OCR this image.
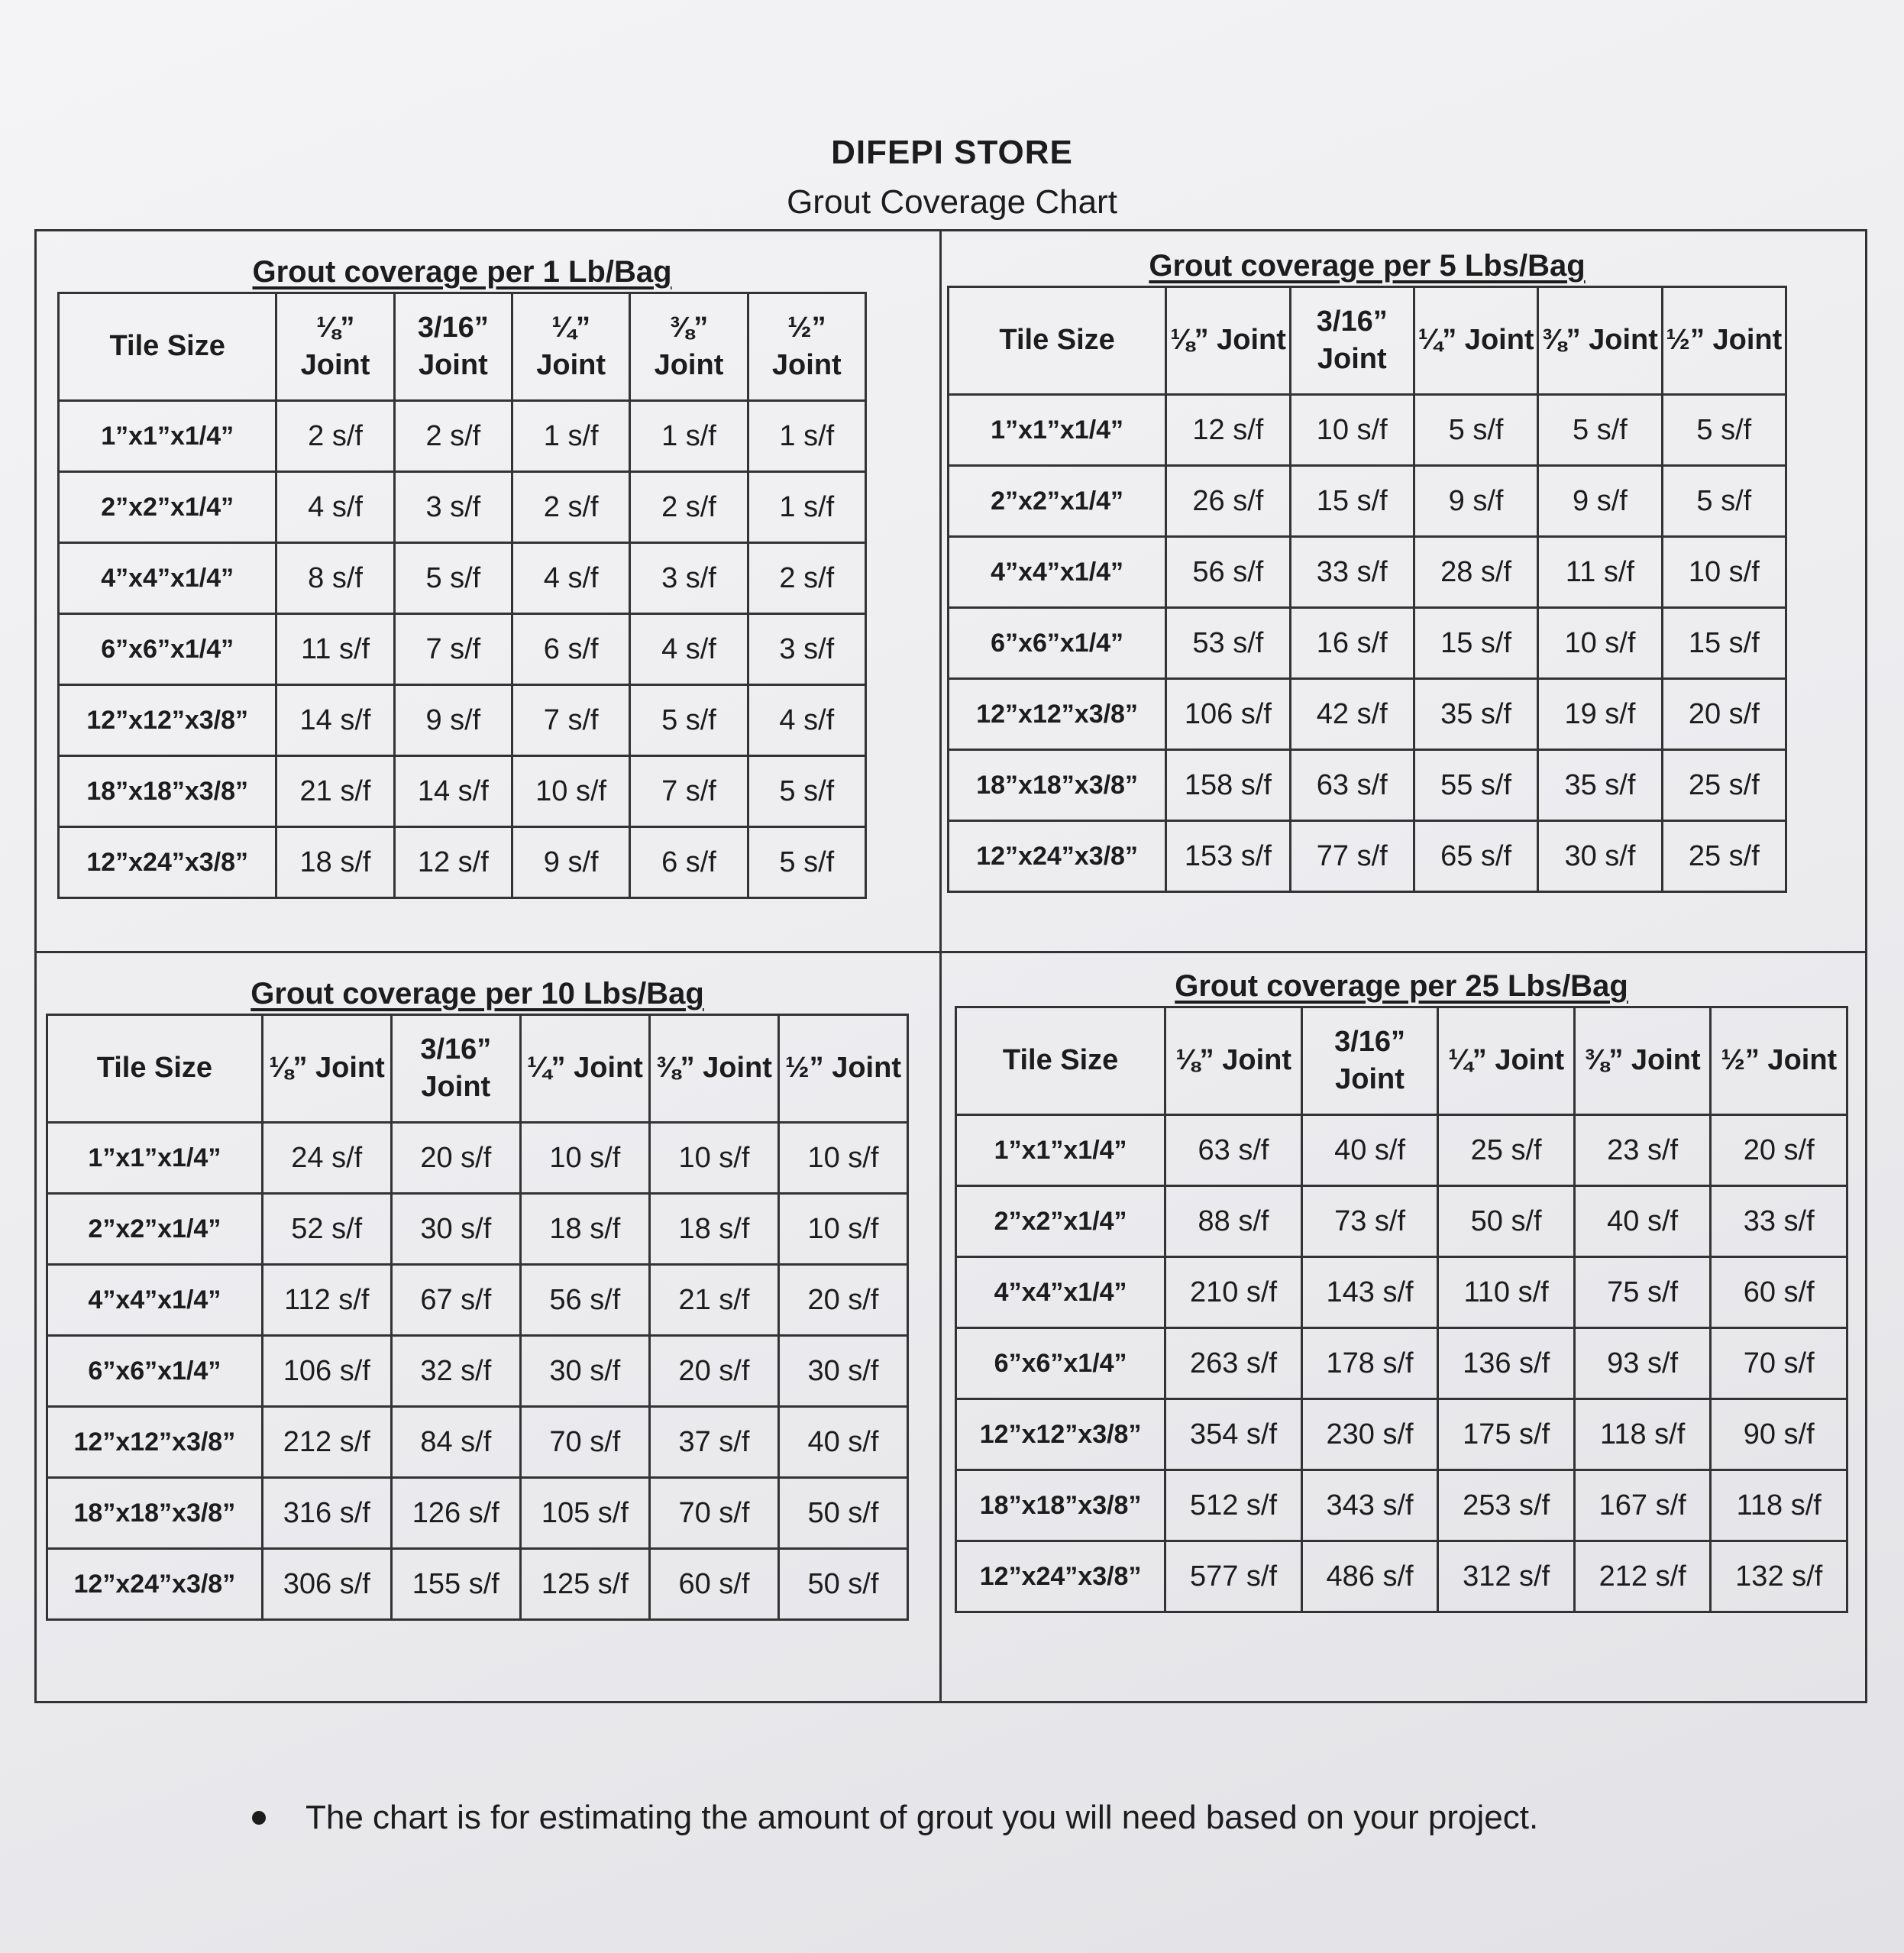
DIFEPI STORE
Grout Coverage Chart
Grout coverage per 1 Lb/Bag
Tile Size	⅛” Joint	3/16” Joint	¼” Joint	⅜” Joint	½” Joint
1”x1”x1/4”	2 s/f	2 s/f	1 s/f	1 s/f	1 s/f
2”x2”x1/4”	4 s/f	3 s/f	2 s/f	2 s/f	1 s/f
4”x4”x1/4”	8 s/f	5 s/f	4 s/f	3 s/f	2 s/f
6”x6”x1/4”	11 s/f	7 s/f	6 s/f	4 s/f	3 s/f
12”x12”x3/8”	14 s/f	9 s/f	7 s/f	5 s/f	4 s/f
18”x18”x3/8”	21 s/f	14 s/f	10 s/f	7 s/f	5 s/f
12”x24”x3/8”	18 s/f	12 s/f	9 s/f	6 s/f	5 s/f
Grout coverage per 5 Lbs/Bag
Tile Size	⅛” Joint	3/16” Joint	¼” Joint	⅜” Joint	½” Joint
1”x1”x1/4”	12 s/f	10 s/f	5 s/f	5 s/f	5 s/f
2”x2”x1/4”	26 s/f	15 s/f	9 s/f	9 s/f	5 s/f
4”x4”x1/4”	56 s/f	33 s/f	28 s/f	11 s/f	10 s/f
6”x6”x1/4”	53 s/f	16 s/f	15 s/f	10 s/f	15 s/f
12”x12”x3/8”	106 s/f	42 s/f	35 s/f	19 s/f	20 s/f
18”x18”x3/8”	158 s/f	63 s/f	55 s/f	35 s/f	25 s/f
12”x24”x3/8”	153 s/f	77 s/f	65 s/f	30 s/f	25 s/f
Grout coverage per 10 Lbs/Bag
Tile Size	⅛” Joint	3/16” Joint	¼” Joint	⅜” Joint	½” Joint
1”x1”x1/4”	24 s/f	20 s/f	10 s/f	10 s/f	10 s/f
2”x2”x1/4”	52 s/f	30 s/f	18 s/f	18 s/f	10 s/f
4”x4”x1/4”	112 s/f	67 s/f	56 s/f	21 s/f	20 s/f
6”x6”x1/4”	106 s/f	32 s/f	30 s/f	20 s/f	30 s/f
12”x12”x3/8”	212 s/f	84 s/f	70 s/f	37 s/f	40 s/f
18”x18”x3/8”	316 s/f	126 s/f	105 s/f	70 s/f	50 s/f
12”x24”x3/8”	306 s/f	155 s/f	125 s/f	60 s/f	50 s/f
Grout coverage per 25 Lbs/Bag
Tile Size	⅛” Joint	3/16” Joint	¼” Joint	⅜” Joint	½” Joint
1”x1”x1/4”	63 s/f	40 s/f	25 s/f	23 s/f	20 s/f
2”x2”x1/4”	88 s/f	73 s/f	50 s/f	40 s/f	33 s/f
4”x4”x1/4”	210 s/f	143 s/f	110 s/f	75 s/f	60 s/f
6”x6”x1/4”	263 s/f	178 s/f	136 s/f	93 s/f	70 s/f
12”x12”x3/8”	354 s/f	230 s/f	175 s/f	118 s/f	90 s/f
18”x18”x3/8”	512 s/f	343 s/f	253 s/f	167 s/f	118 s/f
12”x24”x3/8”	577 s/f	486 s/f	312 s/f	212 s/f	132 s/f
The chart is for estimating the amount of grout you will need based on your project.
